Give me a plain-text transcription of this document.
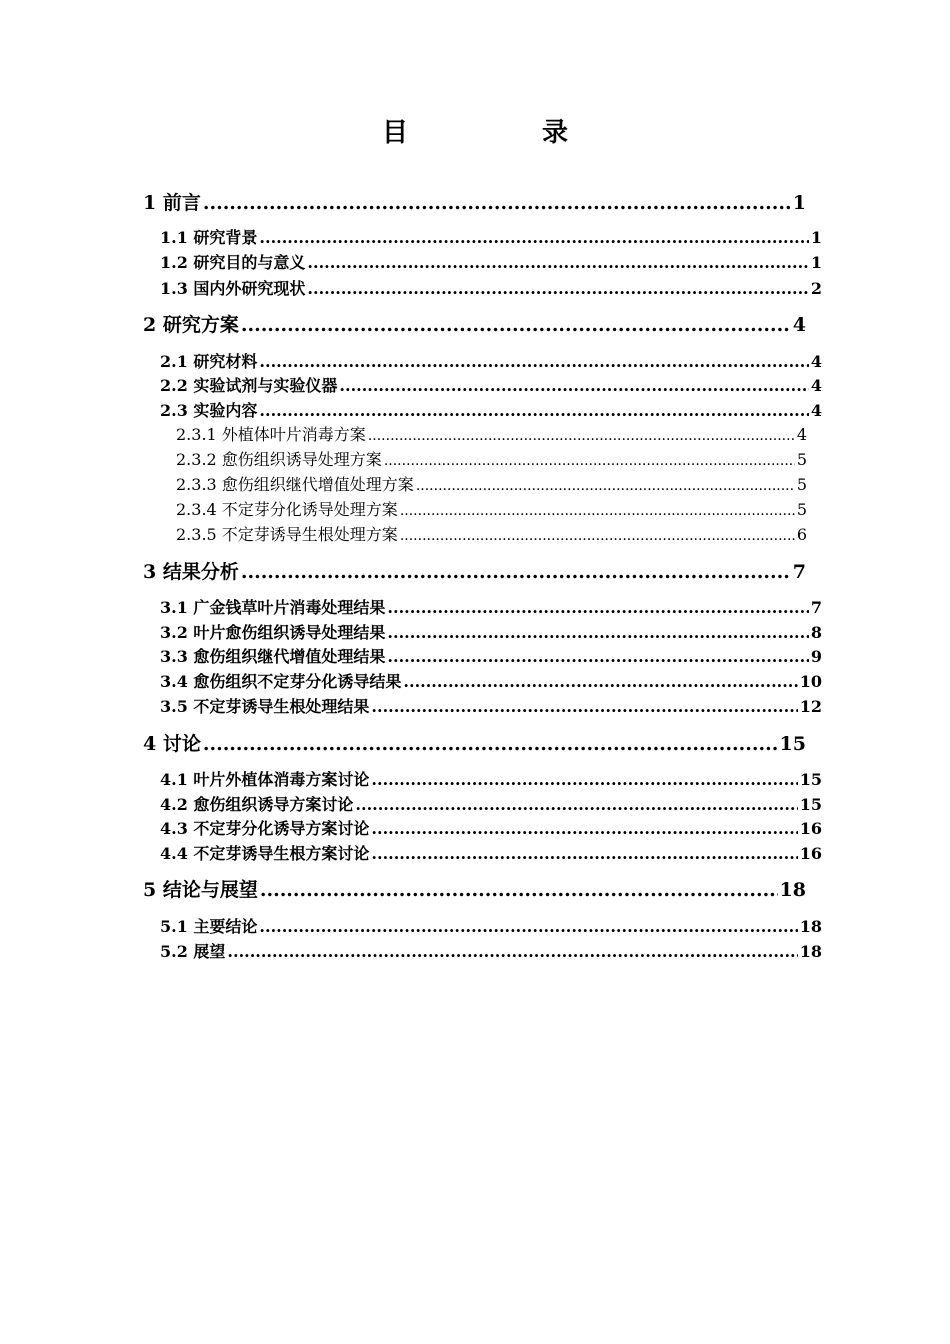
目　录
1 前言 .....	1
1.1 研究背景 .....	1
1.2 研究目的与意义 .....	1
1.3 国内外研究现状 .....	2
2 研究方案 .....	4
2.1 研究材料 .....	4
2.2 实验试剂与实验仪器 .....	4
2.3 实验内容 .....	4
2.3.1 外植体叶片消毒方案 .....	4
2.3.2 愈伤组织诱导处理方案 .....	5
2.3.3 愈伤组织继代增值处理方案 .....	5
2.3.4 不定芽分化诱导处理方案 .....	5
2.3.5 不定芽诱导生根处理方案 .....	6
3 结果分析 .....	7
3.1 广金钱草叶片消毒处理结果 .....	7
3.2 叶片愈伤组织诱导处理结果 .....	8
3.3 愈伤组织继代增值处理结果 .....	9
3.4 愈伤组织不定芽分化诱导结果 .....	10
3.5 不定芽诱导生根处理结果 .....	12
4 讨论 .....	15
4.1 叶片外植体消毒方案讨论 .....	15
4.2 愈伤组织诱导方案讨论 .....	15
4.3 不定芽分化诱导方案讨论 .....	16
4.4 不定芽诱导生根方案讨论 .....	16
5 结论与展望 .....	18
5.1 主要结论 .....	18
5.2 展望 .....	18
